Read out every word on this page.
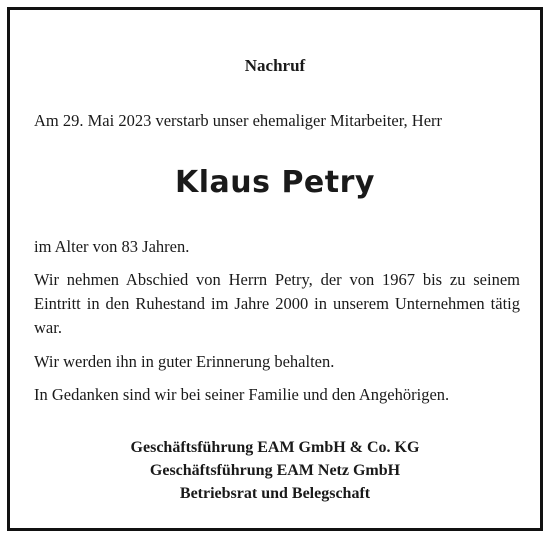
Nachruf
Am 29. Mai 2023 verstarb unser ehemaliger Mitarbeiter, Herr
Klaus Petry
im Alter von 83 Jahren.
Wir nehmen Abschied von Herrn Petry, der von 1967 bis zu seinem Eintritt in den Ruhestand im Jahre 2000 in unserem Unternehmen tätig war.
Wir werden ihn in guter Erinnerung behalten.
In Gedanken sind wir bei seiner Familie und den Angehörigen.
Geschäftsführung EAM GmbH & Co. KG
Geschäftsführung EAM Netz GmbH
Betriebsrat und Belegschaft
